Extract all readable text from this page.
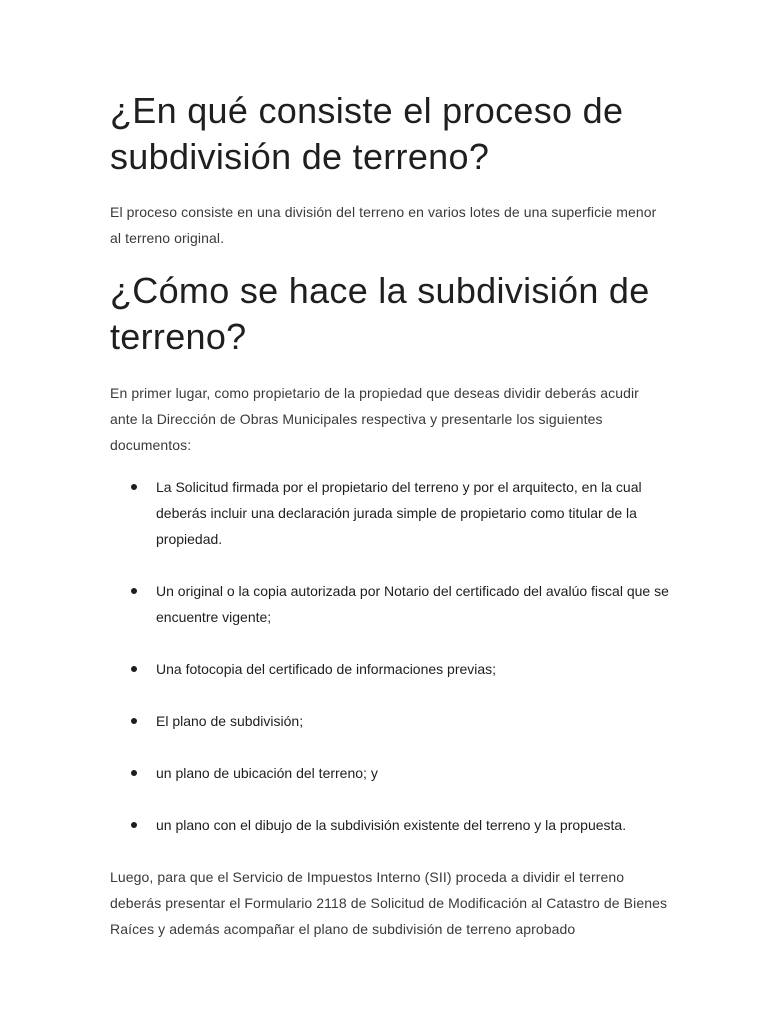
¿En qué consiste el proceso de subdivisión de terreno?

El proceso consiste en una división del terreno en varios lotes de una superficie menor al terreno original.

¿Cómo se hace la subdivisión de terreno?

En primer lugar, como propietario de la propiedad que deseas dividir deberás acudir ante la Dirección de Obras Municipales respectiva y presentarle los siguientes documentos:

La Solicitud firmada por el propietario del terreno y por el arquitecto, en la cual deberás incluir una declaración jurada simple de propietario como titular de la propiedad.
Un original o la copia autorizada por Notario del certificado del avalúo fiscal que se encuentre vigente;
Una fotocopia del certificado de informaciones previas;
El plano de subdivisión;
un plano de ubicación del terreno; y
un plano con el dibujo de la subdivisión existente del terreno y la propuesta.

Luego, para que el Servicio de Impuestos Interno (SII) proceda a dividir el terreno deberás presentar el Formulario 2118 de Solicitud de Modificación al Catastro de Bienes Raíces y además acompañar el plano de subdivisión de terreno aprobado
